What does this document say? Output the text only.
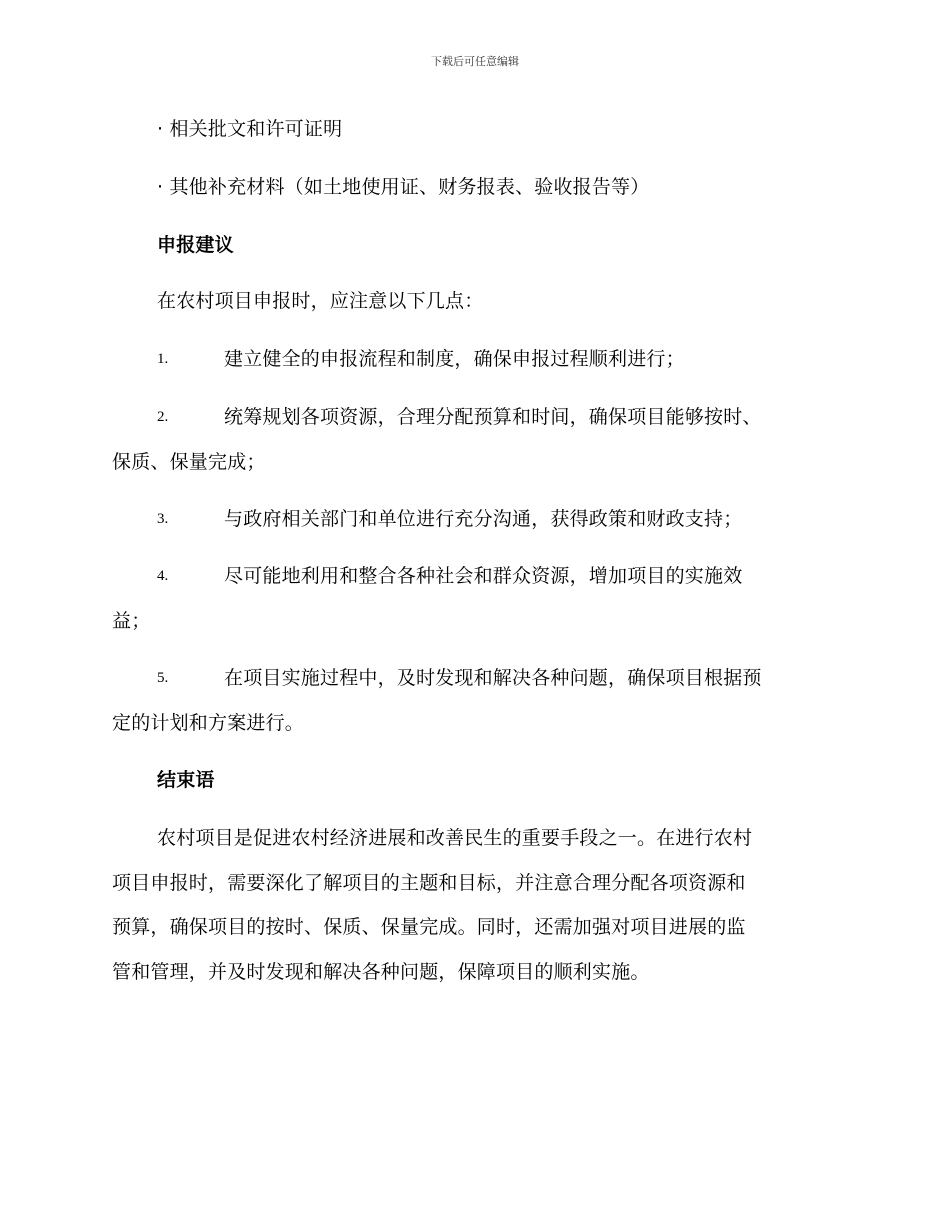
下载后可任意编辑
· 相关批文和许可证明
· 其他补充材料（如土地使用证、财务报表、验收报告等）
申报建议
在农村项目申报时，应注意以下几点：
1.	建立健全的申报流程和制度，确保申报过程顺利进行；
2.	统筹规划各项资源，合理分配预算和时间，确保项目能够按时、
保质、保量完成；
3.	与政府相关部门和单位进行充分沟通，获得政策和财政支持；
4.	尽可能地利用和整合各种社会和群众资源，增加项目的实施效
益；
5.	在项目实施过程中，及时发现和解决各种问题，确保项目根据预
定的计划和方案进行。
结束语
农村项目是促进农村经济进展和改善民生的重要手段之一。在进行农村
项目申报时，需要深化了解项目的主题和目标，并注意合理分配各项资源和
预算，确保项目的按时、保质、保量完成。同时，还需加强对项目进展的监
管和管理，并及时发现和解决各种问题，保障项目的顺利实施。
